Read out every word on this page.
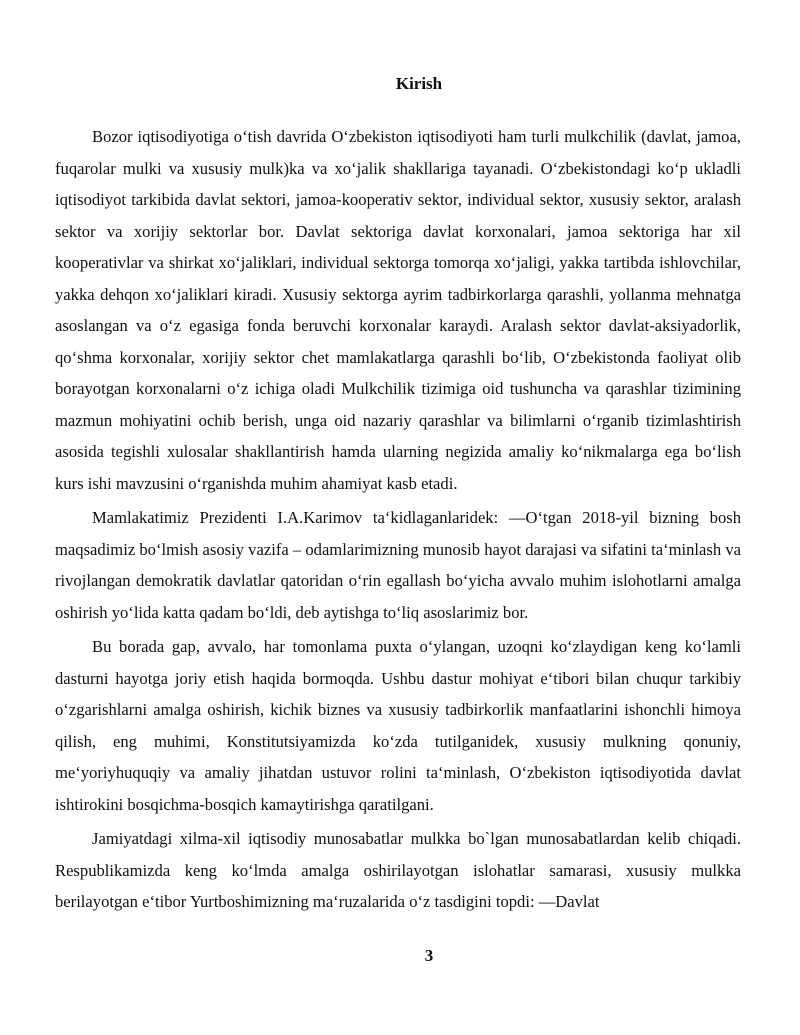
Kirish

Bozor iqtisodiyotiga o‘tish davrida O‘zbekiston iqtisodiyoti ham turli mulkchilik (davlat, jamoa, fuqarolar mulki va xususiy mulk)ka va xo‘jalik shakllariga tayanadi. O‘zbekistondagi ko‘p ukladli iqtisodiyot tarkibida davlat sektori, jamoa-kooperativ sektor, individual sektor, xususiy sektor, aralash sektor va xorijiy sektorlar bor. Davlat sektoriga davlat korxonalari, jamoa sektoriga har xil kooperativlar va shirkat xo‘jaliklari, individual sektorga tomorqa xo‘jaligi, yakka tartibda ishlovchilar, yakka dehqon xo‘jaliklari kiradi. Xususiy sektorga ayrim tadbirkorlarga qarashli, yollanma mehnatga asoslangan va o‘z egasiga fonda beruvchi korxonalar karaydi. Aralash sektor davlat-aksiyadorlik, qo‘shma korxonalar, xorijiy sektor chet mamlakatlarga qarashli bo‘lib, O‘zbekistonda faoliyat olib borayotgan korxonalarni o‘z ichiga oladi Mulkchilik tizimiga oid tushuncha va qarashlar tizimining mazmun mohiyatini ochib berish, unga oid nazariy qarashlar va bilimlarni o‘rganib tizimlashtirish asosida tegishli xulosalar shakllantirish hamda ularning negizida amaliy ko‘nikmalarga ega bo‘lish kurs ishi mavzusini o‘rganishda muhim ahamiyat kasb etadi.

Mamlakatimiz Prezidenti I.A.Karimov ta‘kidlaganlaridek: ―O‘tgan 2018-yil bizning bosh maqsadimiz bo‘lmish asosiy vazifa – odamlarimizning munosib hayot darajasi va sifatini ta‘minlash va rivojlangan demokratik davlatlar qatoridan o‘rin egallash bo‘yicha avvalo muhim islohotlarni amalga oshirish yo‘lida katta qadam bo‘ldi, deb aytishga to‘liq asoslarimiz bor.

Bu borada gap, avvalo, har tomonlama puxta o‘ylangan, uzoqni ko‘zlaydigan keng ko‘lamli dasturni hayotga joriy etish haqida bormoqda. Ushbu dastur mohiyat e‘tibori bilan chuqur tarkibiy o‘zgarishlarni amalga oshirish, kichik biznes va xususiy tadbirkorlik manfaatlarini ishonchli himoya qilish, eng muhimi, Konstitutsiyamizda ko‘zda tutilganidek, xususiy mulkning qonuniy, me‘yoriyhuquqiy va amaliy jihatdan ustuvor rolini ta‘minlash, O‘zbekiston iqtisodiyotida davlat ishtirokini bosqichma-bosqich kamaytirishga qaratilgani.

Jamiyatdagi xilma-xil iqtisodiy munosabatlar mulkka bo`lgan munosabatlardan kelib chiqadi. Respublikamizda keng ko‘lmda amalga oshirilayotgan islohatlar samarasi, xususiy mulkka berilayotgan e‘tibor Yurtboshimizning ma‘ruzalarida o‘z tasdigini topdi: ―Davlat

3
